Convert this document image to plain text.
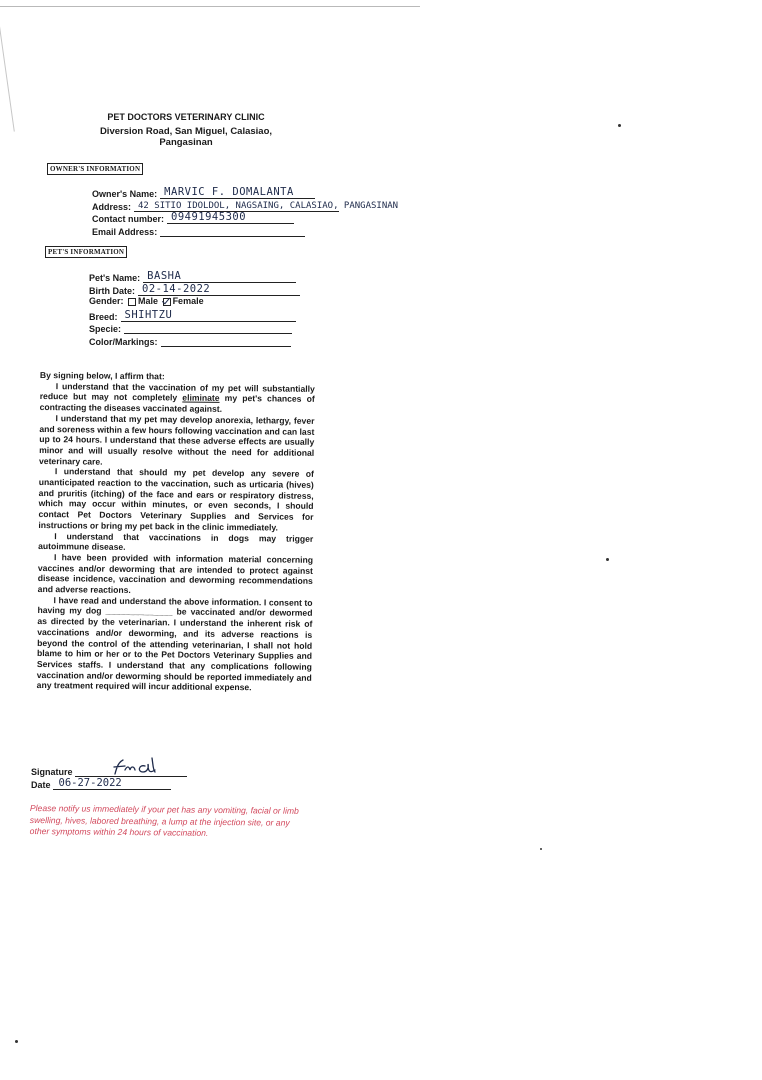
PET DOCTORS VETERINARY CLINIC
Diversion Road, San Miguel, Calasiao, Pangasinan
OWNER'S INFORMATION
Owner's Name: MARVIC F. DOMALANTA
Address: 42 SITIO IDOLDOL, NAGSAING, CALASIAO, PANGASINAN
Contact number: 09491945300
Email Address:
PET'S INFORMATION
Pet's Name: BASHA
Birth Date: 02-14-2022
Gender: Male Female
Breed: SHIHTZU
Specie:
Color/Markings:

By signing below, I affirm that:

I understand that the vaccination of my pet will substantially reduce but may not completely eliminate my pet's chances of contracting the diseases vaccinated against.

I understand that my pet may develop anorexia, lethargy, fever and soreness within a few hours following vaccination and can last up to 24 hours. I understand that these adverse effects are usually minor and will usually resolve without the need for additional veterinary care.

I understand that should my pet develop any severe of unanticipated reaction to the vaccination, such as urticaria (hives) and pruritis (itching) of the face and ears or respiratory distress, which may occur within minutes, or even seconds, I should contact Pet Doctors Veterinary Supplies and Services for instructions or bring my pet back in the clinic immediately.

I understand that vaccinations in dogs may trigger autoimmune disease.

I have been provided with information material concerning vaccines and/or deworming that are intended to protect against disease incidence, vaccination and deworming recommendations and adverse reactions.

I have read and understand the above information. I consent to having my dog ______________ be vaccinated and/or dewormed as directed by the veterinarian. I understand the inherent risk of vaccinations and/or deworming, and its adverse reactions is beyond the control of the attending veterinarian, I shall not hold blame to him or her or to the Pet Doctors Veterinary Supplies and Services staffs. I understand that any complications following vaccination and/or deworming should be reported immediately and any treatment required will incur additional expense.

Signature
Date 06-27-2022
Please notify us immediately if your pet has any vomiting, facial or limb swelling, hives, labored breathing, a lump at the injection site, or any other symptoms within 24 hours of vaccination.
